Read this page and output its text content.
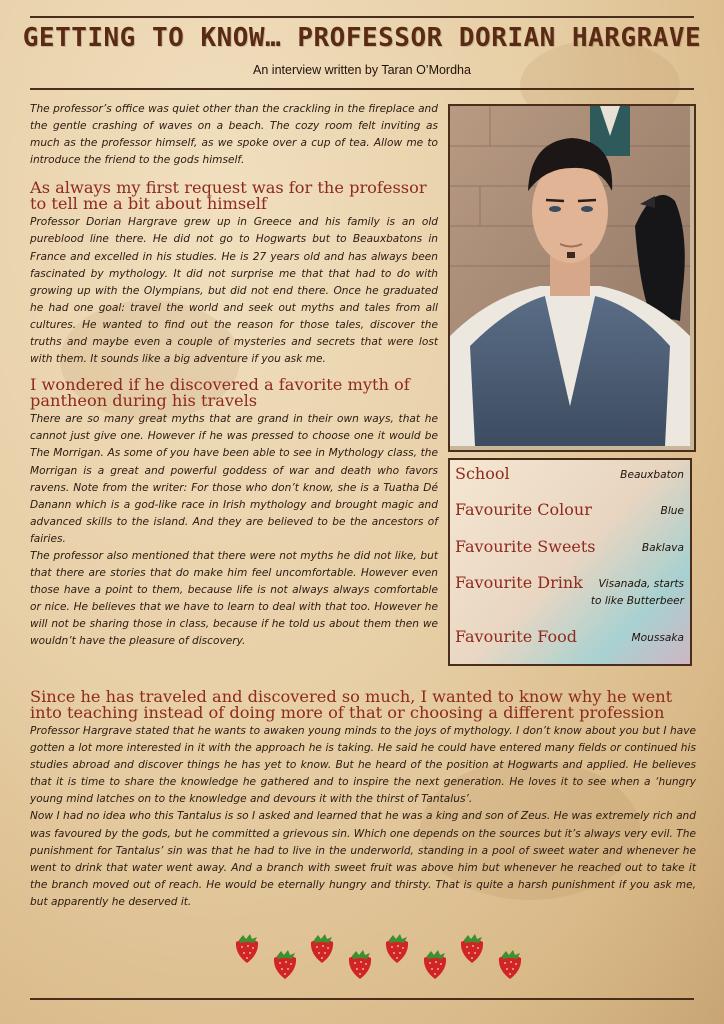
GETTING TO KNOW… PROFESSOR DORIAN HARGRAVE
An interview written by Taran O’Mordha

The professor’s office was quiet other than the crackling in the fireplace and the gentle crashing of waves on a beach. The cozy room felt inviting as much as the professor himself, as we spoke over a cup of tea. Allow me to introduce the friend to the gods himself.

As always my first request was for the professor to tell me a bit about himself

Professor Dorian Hargrave grew up in Greece and his family is an old pureblood line there. He did not go to Hogwarts but to Beauxbatons in France and excelled in his studies. He is 27 years old and has always been fascinated by mythology. It did not surprise me that that had to do with growing up with the Olympians, but did not end there. Once he graduated he had one goal: travel the world and seek out myths and tales from all cultures. He wanted to find out the reason for those tales, discover the truths and maybe even a couple of mysteries and secrets that were lost with them. It sounds like a big adventure if you ask me.

I wondered if he discovered a favorite myth of pantheon during his travels

There are so many great myths that are grand in their own ways, that he cannot just give one. However if he was pressed to choose one it would be The Morrigan. As some of you have been able to see in Mythology class, the Morrigan is a great and powerful goddess of war and death who favors ravens. Note from the writer: For those who don’t know, she is a Tuatha Dé Danann which is a god-like race in Irish mythology and brought magic and advanced skills to the island. And they are believed to be the ancestors of fairies.

The professor also mentioned that there were not myths he did not like, but that there are stories that do make him feel uncomfortable. However even those have a point to them, because life is not always always comfortable or nice. He believes that we have to learn to deal with that too. However he will not be sharing those in class, because if he told us about them then we wouldn’t have the pleasure of discovery.

School	Beauxbaton
Favourite Colour	Blue
Favourite Sweets	Baklava
Favourite Drink	Visanada, starts to like Butterbeer
Favourite Food	Moussaka
Since he has traveled and discovered so much, I wanted to know why he went into teaching instead of doing more of that or choosing a different profession

Professor Hargrave stated that he wants to awaken young minds to the joys of mythology. I don’t know about you but I have gotten a lot more interested in it with the approach he is taking. He said he could have entered many fields or continued his studies abroad and discover things he has yet to know. But he heard of the position at Hogwarts and applied. He believes that it is time to share the knowledge he gathered and to inspire the next generation. He loves it to see when a ‘hungry young mind latches on to the knowledge and devours it with the thirst of Tantalus’.

Now I had no idea who this Tantalus is so I asked and learned that he was a king and son of Zeus. He was extremely rich and was favoured by the gods, but he committed a grievous sin. Which one depends on the sources but it’s always very evil. The punishment for Tantalus’ sin was that he had to live in the underworld, standing in a pool of sweet water and whenever he went to drink that water went away. And a branch with sweet fruit was above him but whenever he reached out to take it the branch moved out of reach. He would be eternally hungry and thirsty. That is quite a harsh punishment if you ask me, but apparently he deserved it.
